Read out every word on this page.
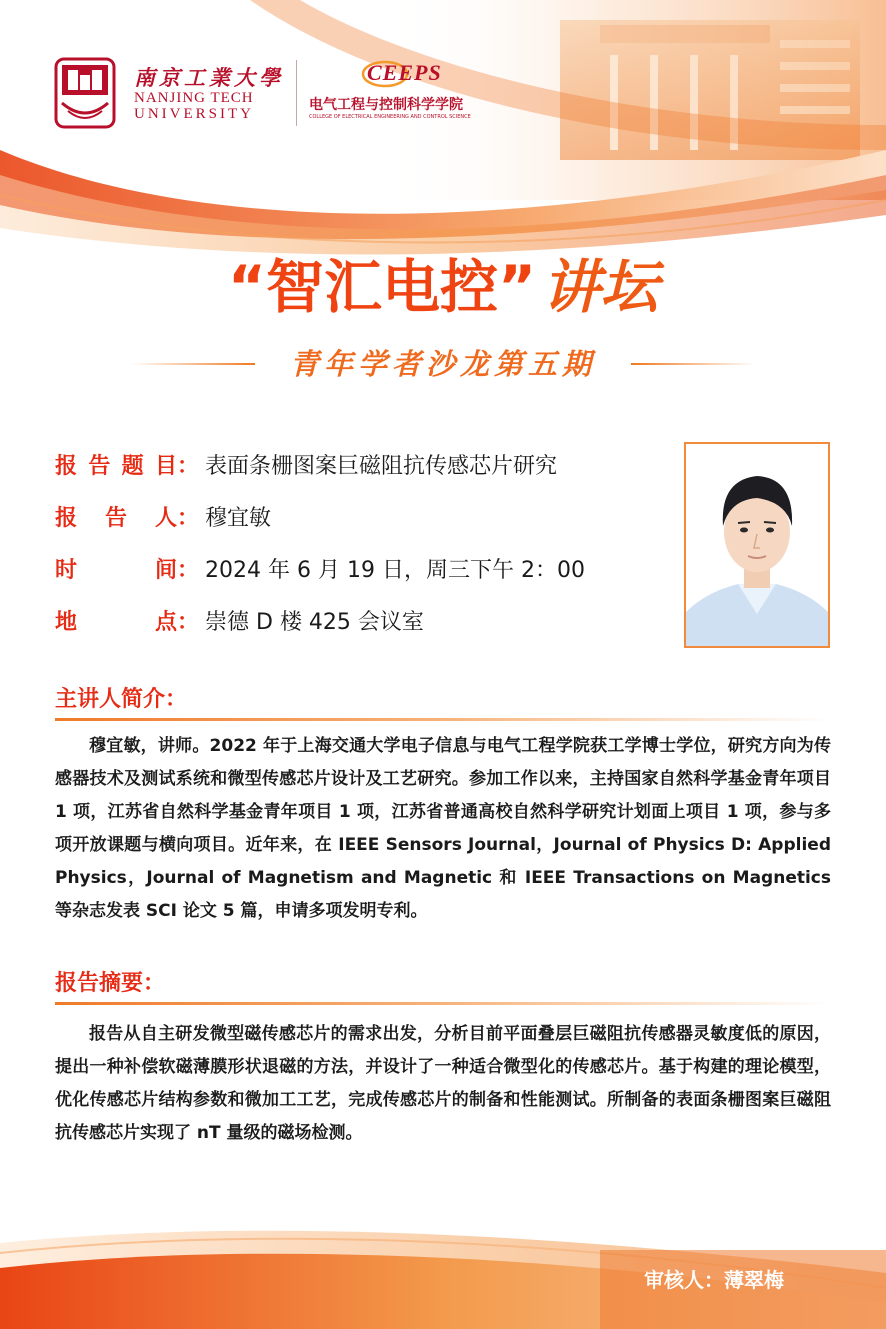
南京工業大學
NANJING TECH
UNIVERSITY
CEEPS
电气工程与控制科学学院
COLLEGE OF ELECTRICAL ENGINEERING AND CONTROL SCIENCE
“智汇电控” 讲坛
青年学者沙龙第五期
报 告 题 目 ： 表面条栅图案巨磁阻抗传感芯片研究
报 告 人 ： 穆宜敏
时	间 ： 2024 年 6 月 19 日，周三下午 2：00
地	点 ： 崇德 D 楼 425 会议室
主讲人简介：
穆宜敏，讲师。2022 年于上海交通大学电子信息与电气工程学院获工学博士学位，研究方向为传感器技术及测试系统和微型传感芯片设计及工艺研究。参加工作以来，主持国家自然科学基金青年项目 1 项，江苏省自然科学基金青年项目 1 项，江苏省普通高校自然科学研究计划面上项目 1 项，参与多项开放课题与横向项目。近年来，在 IEEE Sensors Journal，Journal of Physics D: Applied Physics，Journal of Magnetism and Magnetic 和 IEEE Transactions on Magnetics 等杂志发表 SCI 论文 5 篇，申请多项发明专利。
报告摘要：
报告从自主研发微型磁传感芯片的需求出发，分析目前平面叠层巨磁阻抗传感器灵敏度低的原因，提出一种补偿软磁薄膜形状退磁的方法，并设计了一种适合微型化的传感芯片。基于构建的理论模型，优化传感芯片结构参数和微加工工艺，完成传感芯片的制备和性能测试。所制备的表面条栅图案巨磁阻抗传感芯片实现了 nT 量级的磁场检测。
审核人：薄翠梅
